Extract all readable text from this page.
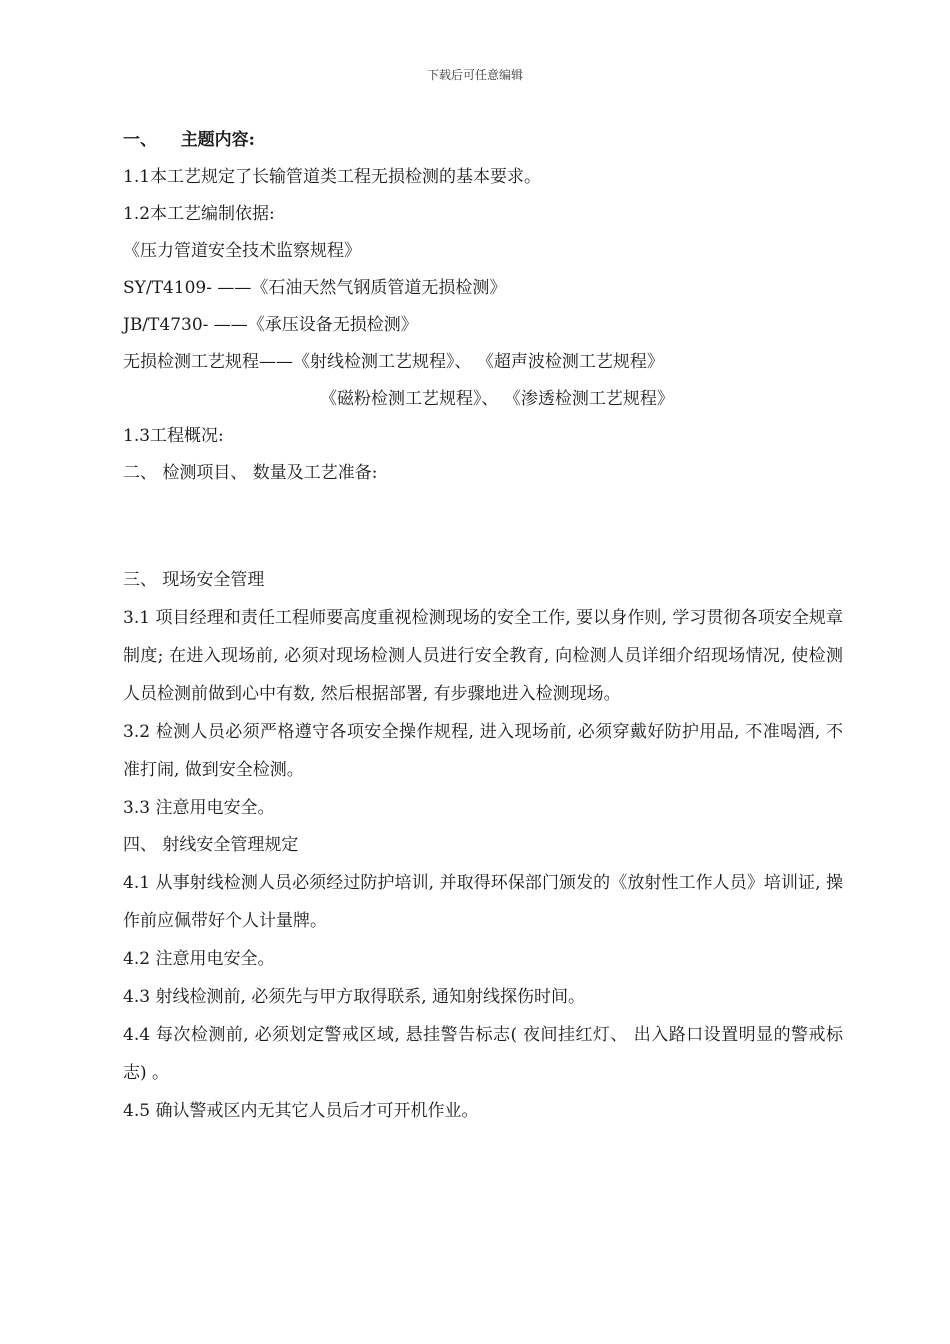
下载后可任意编辑
一、 主题内容:
1.1本工艺规定了长输管道类工程无损检测的基本要求。
1.2本工艺编制依据:
《压力管道安全技术监察规程》
SY/T4109- ——《石油天然气钢质管道无损检测》
JB/T4730- ——《承压设备无损检测》
无损检测工艺规程——《射线检测工艺规程》、 《超声波检测工艺规程》
《磁粉检测工艺规程》、 《渗透检测工艺规程》
1.3工程概况:
二、 检测项目、 数量及工艺准备:
三、 现场安全管理

3.1 项目经理和责任工程师要高度重视检测现场的安全工作, 要以身作则, 学习贯彻各项安全规章制度; 在进入现场前, 必须对现场检测人员进行安全教育, 向检测人员详细介绍现场情况, 使检测人员检测前做到心中有数, 然后根据部署, 有步骤地进入检测现场。

3.2 检测人员必须严格遵守各项安全操作规程, 进入现场前, 必须穿戴好防护用品, 不准喝酒, 不准打闹, 做到安全检测。

3.3 注意用电安全。

四、 射线安全管理规定

4.1 从事射线检测人员必须经过防护培训, 并取得环保部门颁发的《放射性工作人员》培训证, 操作前应佩带好个人计量牌。

4.2 注意用电安全。

4.3 射线检测前, 必须先与甲方取得联系, 通知射线探伤时间。

4.4 每次检测前, 必须划定警戒区域, 悬挂警告标志( 夜间挂红灯、 出入路口设置明显的警戒标志) 。

4.5 确认警戒区内无其它人员后才可开机作业。
